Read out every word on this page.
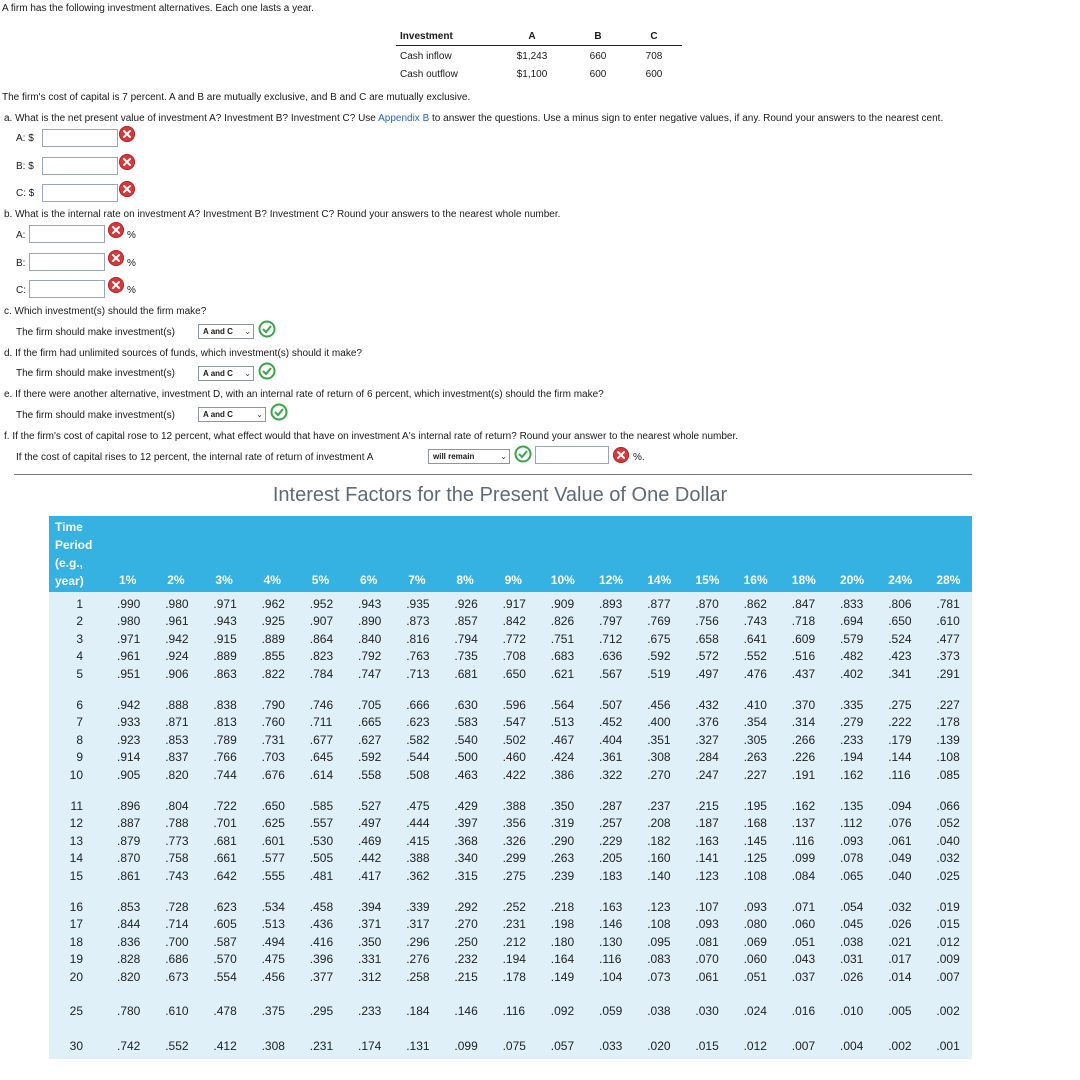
A firm has the following investment alternatives. Each one lasts a year.
Investment	A	B	C
Cash inflow	$1,243	660	708
Cash outflow	$1,100	600	600
The firm's cost of capital is 7 percent. A and B are mutually exclusive, and B and C are mutually exclusive.
a. What is the net present value of investment A? Investment B? Investment C? Use Appendix B to answer the questions. Use a minus sign to enter negative values, if any. Round your answers to the nearest cent.
A: $
B: $
C: $
b. What is the internal rate on investment A? Investment B? Investment C? Round your answers to the nearest whole number.
A:	%
B:	%
C:	%
c. Which investment(s) should the firm make?
The firm should make investment(s)	A and C ⌄
d. If the firm had unlimited sources of funds, which investment(s) should it make?
The firm should make investment(s)	A and C ⌄
e. If there were another alternative, investment D, with an internal rate of return of 6 percent, which investment(s) should the firm make?
The firm should make investment(s)	A and C	⌄
f. If the firm's cost of capital rose to 12 percent, what effect would that have on investment A's internal rate of return? Round your answer to the nearest whole number.
If the cost of capital rises to 12 percent, the internal rate of return of investment A	will remain	⌄	%.
Interest Factors for the Present Value of One Dollar
Time
Period
(e.g.,
year)	1%	2%	3%	4%	5%	6%	7%	8%	9% 10% 12% 14% 15% 16% 18% 20% 24% 28%
1	.990 .980 .971 .962 .952 .943 .935 .926 .917 .909 .893 .877 .870 .862 .847 .833 .806 .781
2	.980 .961 .943 .925 .907 .890 .873 .857 .842 .826 .797 .769 .756 .743 .718 .694 .650 .610
3	.971 .942 .915 .889 .864 .840 .816 .794 .772 .751 .712 .675 .658 .641 .609 .579 .524 .477
4	.961 .924 .889 .855 .823 .792 .763 .735 .708 .683 .636 .592 .572 .552 .516 .482 .423 .373
5	.951 .906 .863 .822 .784 .747 .713 .681 .650 .621 .567 .519 .497 .476 .437 .402 .341 .291
6	.942 .888 .838 .790 .746 .705 .666 .630 .596 .564 .507 .456 .432 .410 .370 .335 .275 .227
7	.933 .871 .813 .760 .711 .665 .623 .583 .547 .513 .452 .400 .376 .354 .314 .279 .222 .178
8	.923 .853 .789 .731 .677 .627 .582 .540 .502 .467 .404 .351 .327 .305 .266 .233 .179 .139
9	.914 .837 .766 .703 .645 .592 .544 .500 .460 .424 .361 .308 .284 .263 .226 .194 .144 .108
10	.905 .820 .744 .676 .614 .558 .508 .463 .422 .386 .322 .270 .247 .227 .191 .162 .116 .085
11	.896 .804 .722 .650 .585 .527 .475 .429 .388 .350 .287 .237 .215 .195 .162 .135 .094 .066
12	.887 .788 .701 .625 .557 .497 .444 .397 .356 .319 .257 .208 .187 .168 .137 .112 .076 .052
13	.879 .773 .681 .601 .530 .469 .415 .368 .326 .290 .229 .182 .163 .145 .116 .093 .061 .040
14	.870 .758 .661 .577 .505 .442 .388 .340 .299 .263 .205 .160 .141 .125 .099 .078 .049 .032
15	.861 .743 .642 .555 .481 .417 .362 .315 .275 .239 .183 .140 .123 .108 .084 .065 .040 .025
16	.853 .728 .623 .534 .458 .394 .339 .292 .252 .218 .163 .123 .107 .093 .071 .054 .032 .019
17	.844 .714 .605 .513 .436 .371 .317 .270 .231 .198 .146 .108 .093 .080 .060 .045 .026 .015
18	.836 .700 .587 .494 .416 .350 .296 .250 .212 .180 .130 .095 .081 .069 .051 .038 .021 .012
19	.828 .686 .570 .475 .396 .331 .276 .232 .194 .164 .116 .083 .070 .060 .043 .031 .017 .009
20	.820 .673 .554 .456 .377 .312 .258 .215 .178 .149 .104 .073 .061 .051 .037 .026 .014 .007
25	.780 .610 .478 .375 .295 .233 .184 .146 .116 .092 .059 .038 .030 .024 .016 .010 .005 .002
30	.742 .552 .412 .308 .231 .174 .131 .099 .075 .057 .033 .020 .015 .012 .007 .004 .002 .001
